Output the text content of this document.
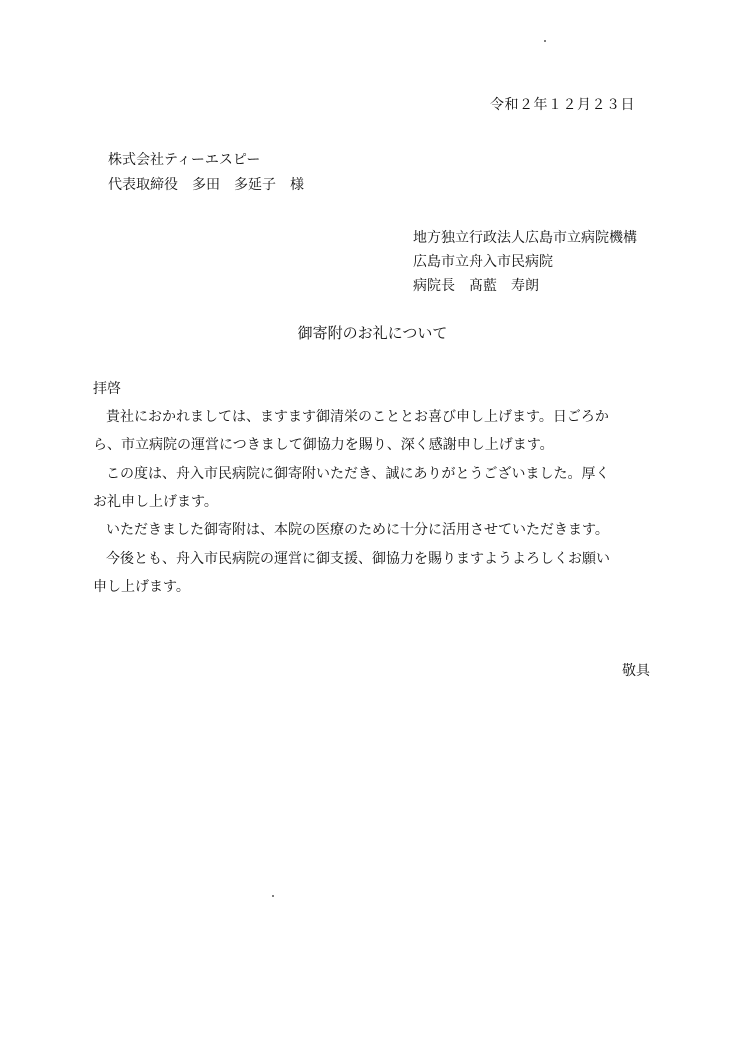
令和２年１２月２３日
株式会社ティーエスピー
代表取締役　多田　多延子　様
地方独立行政法人広島市立病院機構
広島市立舟入市民病院
病院長　髙藍　寿朗
御寄附のお礼について
拝啓
貴社におかれましては、ますます御清栄のこととお喜び申し上げます。日ごろか
ら、市立病院の運営につきまして御協力を賜り、深く感謝申し上げます。
この度は、舟入市民病院に御寄附いただき、誠にありがとうございました。厚く
お礼申し上げます。
いただきました御寄附は、本院の医療のために十分に活用させていただきます。
今後とも、舟入市民病院の運営に御支援、御協力を賜りますようよろしくお願い
申し上げます。
敬具
